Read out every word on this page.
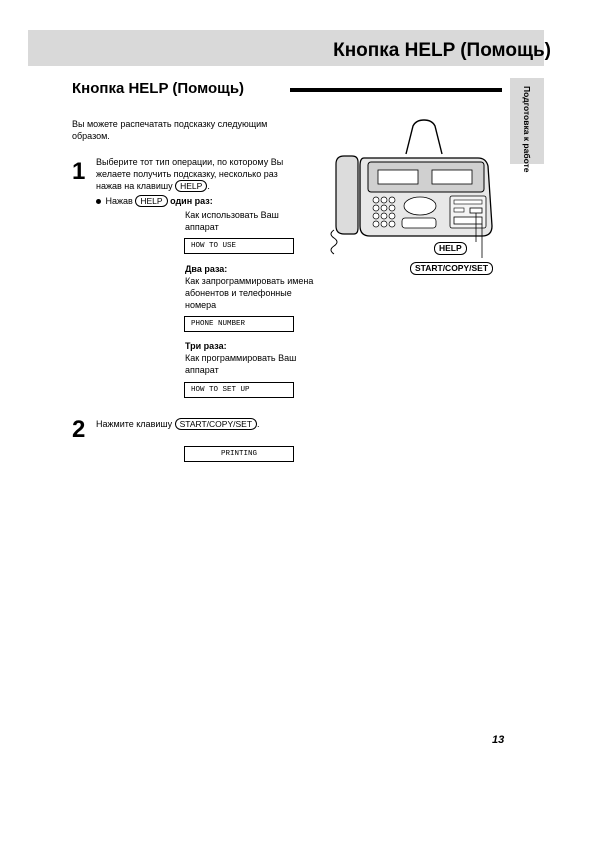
Кнопка HELP (Помощь)
Подготовка к работе
Кнопка HELP (Помощь)

Вы можете распечатать подсказку следующим образом.

1 Выберите тот тип операции, по которому Вы желаете получить подсказку, несколько раз нажав на клавишу HELP .

Нажав HELP один раз:

Как использовать Ваш аппарат

HOW TO USE

Два раза:
Как запрограммировать имена абонентов и телефонные номера

PHONE NUMBER

Три раза:
Как программировать Ваш аппарат

HOW TO SET UP
2 Нажмите клавишу START/COPY/SET .

PRINTING
HELP
START/COPY/SET

13
